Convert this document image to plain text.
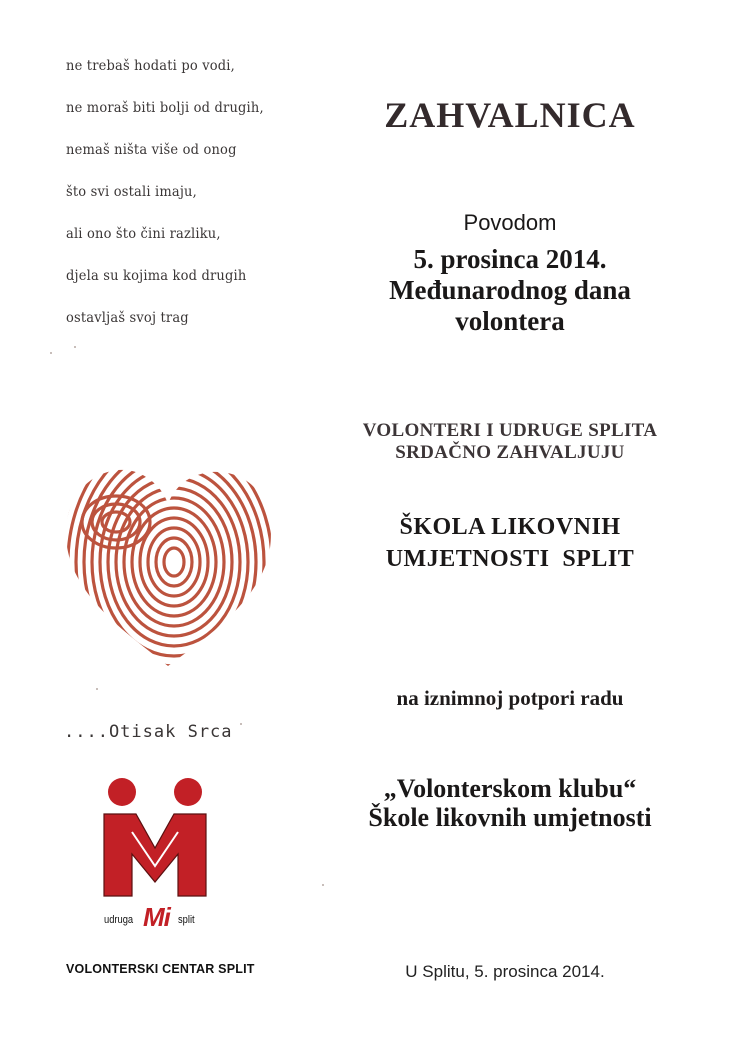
ne trebaš hodati po vodi,
ne moraš biti bolji od drugih,
nemaš ništa više od onog
što svi ostali imaju,
ali ono što čini razliku,
djela su kojima kod drugih
ostavljaš svoj trag
ZAHVALNICA
Povodom
5. prosinca 2014.
Međunarodnog dana
volontera
VOLONTERI I UDRUGE SPLITA
SRDAČNO ZAHVALJUJU
ŠKOLA LIKOVNIH
UMJETNOSTI  SPLIT
na iznimnoj potpori radu
„Volonterskom klubu“
Škole likovnih umjetnosti
U Splitu, 5. prosinca 2014.
....Otisak Srca
udruga Mi split
VOLONTERSKI CENTAR SPLIT
